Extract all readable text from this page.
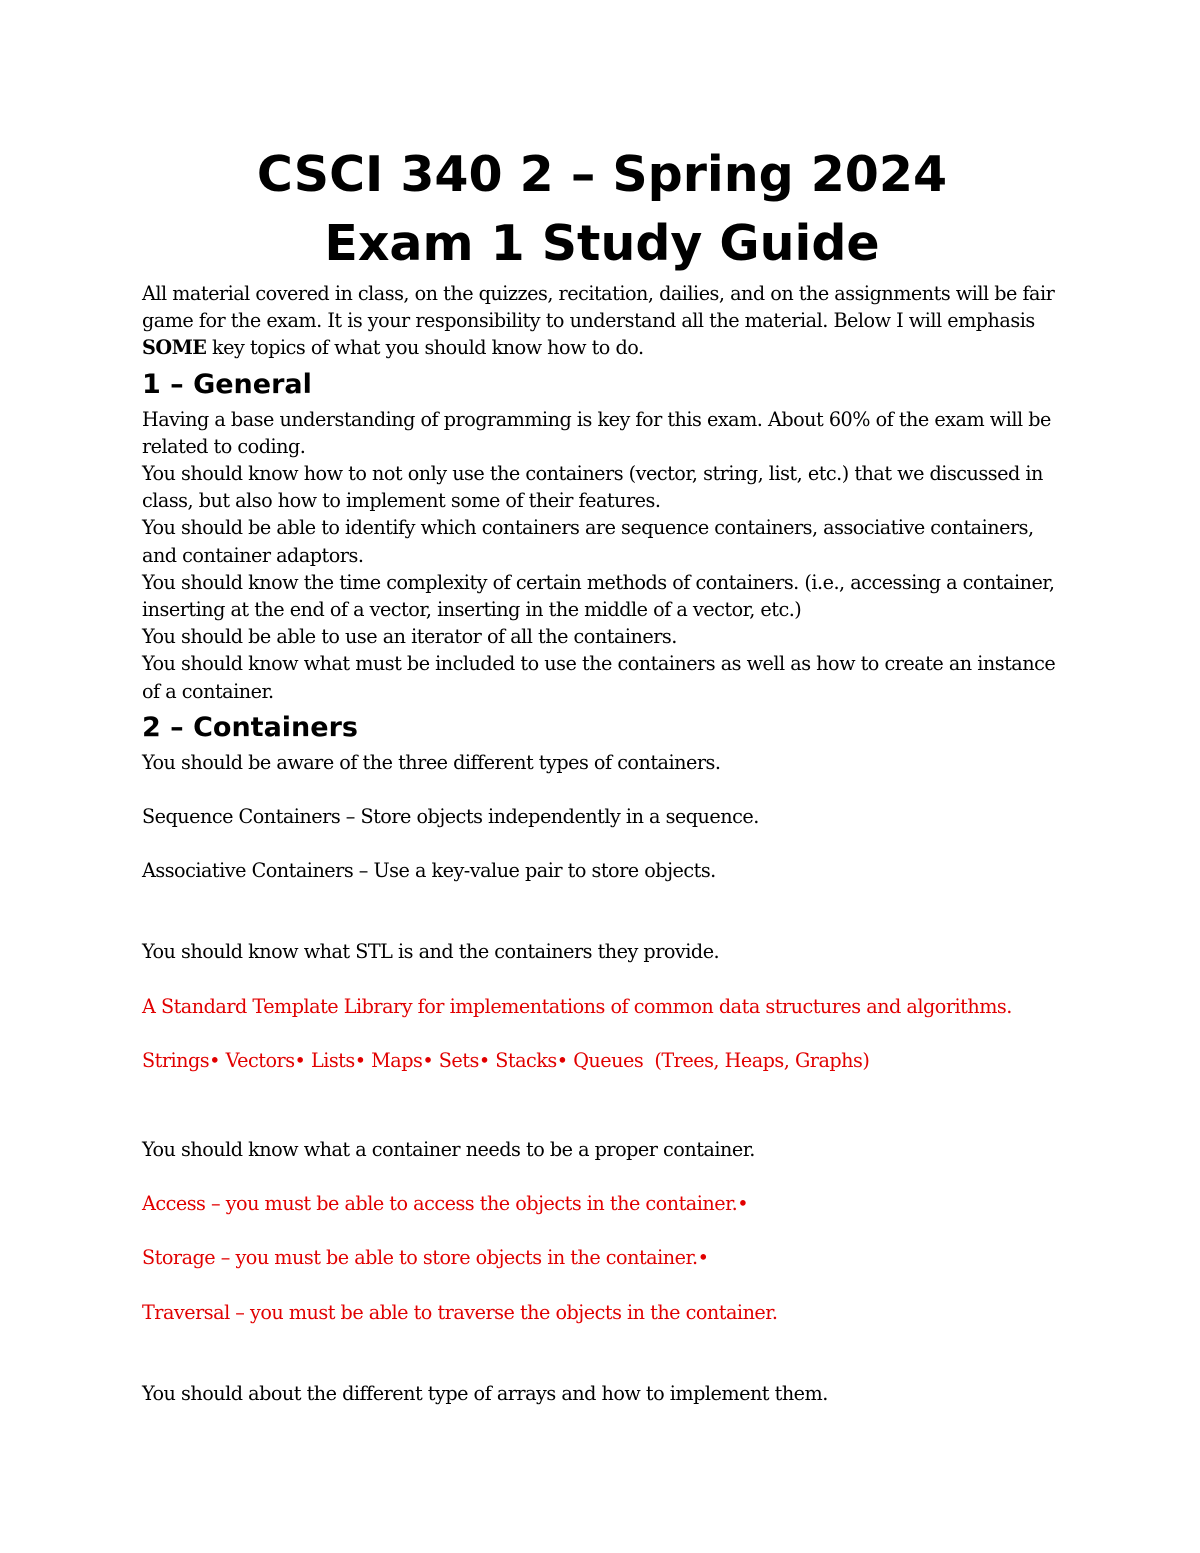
CSCI 340 2 – Spring 2024
Exam 1 Study Guide

All material covered in class, on the quizzes, recitation, dailies, and on the assignments will be fair game for the exam. It is your responsibility to understand all the material. Below I will emphasis SOME key topics of what you should know how to do.

1 – General
Having a base understanding of programming is key for this exam. About 60% of the exam will be related to coding.
You should know how to not only use the containers (vector, string, list, etc.) that we discussed in class, but also how to implement some of their features.
You should be able to identify which containers are sequence containers, associative containers, and container adaptors.
You should know the time complexity of certain methods of containers. (i.e., accessing a container, inserting at the end of a vector, inserting in the middle of a vector, etc.)
You should be able to use an iterator of all the containers.
You should know what must be included to use the containers as well as how to create an instance of a container.
2 – Containers
You should be aware of the three different types of containers.
Sequence Containers – Store objects independently in a sequence.
Associative Containers – Use a key-value pair to store objects.
You should know what STL is and the containers they provide.
A Standard Template Library for implementations of common data structures and algorithms.
Strings• Vectors• Lists• Maps• Sets• Stacks• Queues  (Trees, Heaps, Graphs)
You should know what a container needs to be a proper container.
Access – you must be able to access the objects in the container.•
Storage – you must be able to store objects in the container.•
Traversal – you must be able to traverse the objects in the container.
You should about the different type of arrays and how to implement them.
